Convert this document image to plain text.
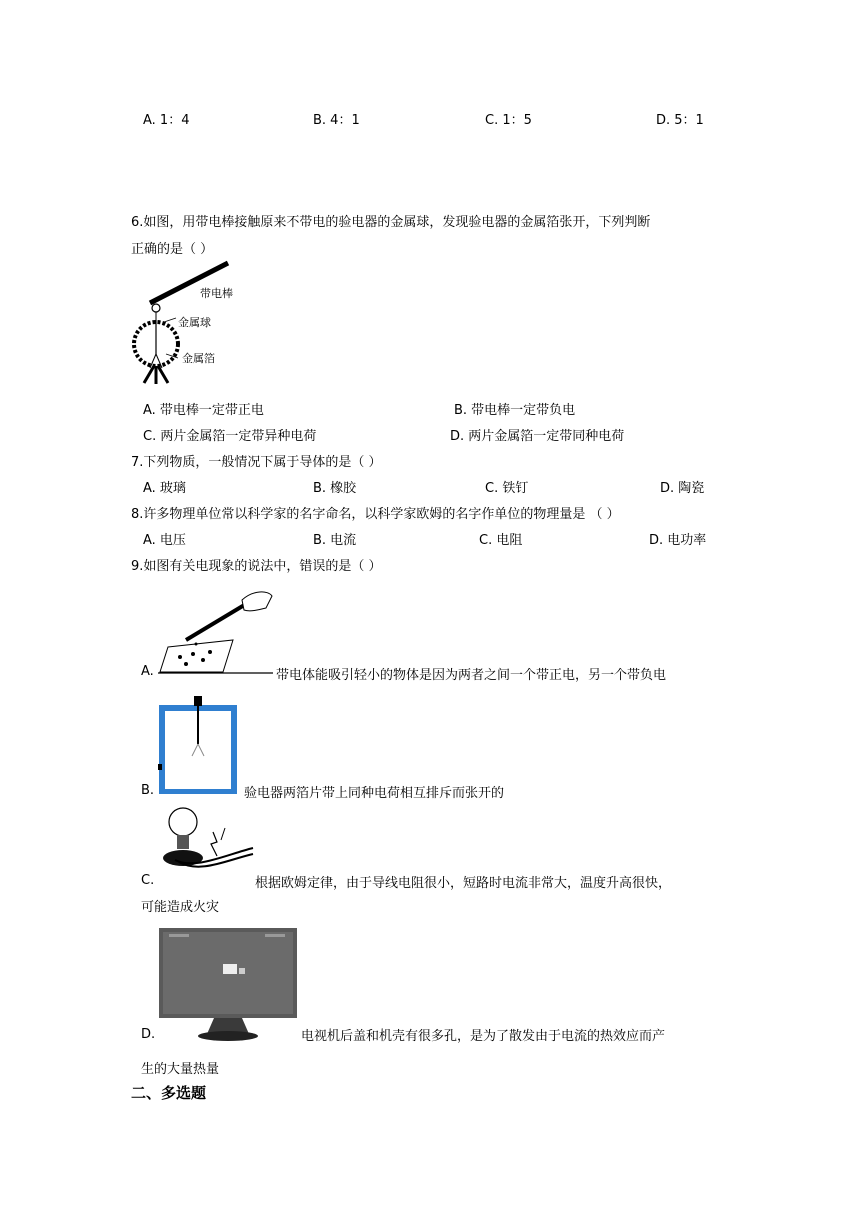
A. 1：4	B. 4：1	C. 1：5	D. 5：1
6.如图，用带电棒接触原来不带电的验电器的金属球，发现验电器的金属箔张开，下列判断
正确的是（ ）
带电棒
金属球
金属箔
A. 带电棒一定带正电	B. 带电棒一定带负电
C. 两片金属箔一定带异种电荷	D. 两片金属箔一定带同种电荷
7.下列物质，一般情况下属于导体的是（ ）
A. 玻璃	B. 橡胶	C. 铁钉	D. 陶瓷
8.许多物理单位常以科学家的名字命名，以科学家欧姆的名字作单位的物理量是 （ ）
A. 电压	B. 电流	C. 电阻	D. 电功率
9.如图有关电现象的说法中，错误的是（ ）
A.	带电体能吸引轻小的物体是因为两者之间一个带正电，另一个带负电
B.	验电器两箔片带上同种电荷相互排斥而张开的
C.	根据欧姆定律，由于导线电阻很小，短路时电流非常大，温度升高很快，
可能造成火灾
D.	电视机后盖和机壳有很多孔，是为了散发由于电流的热效应而产
生的大量热量
二、多选题
